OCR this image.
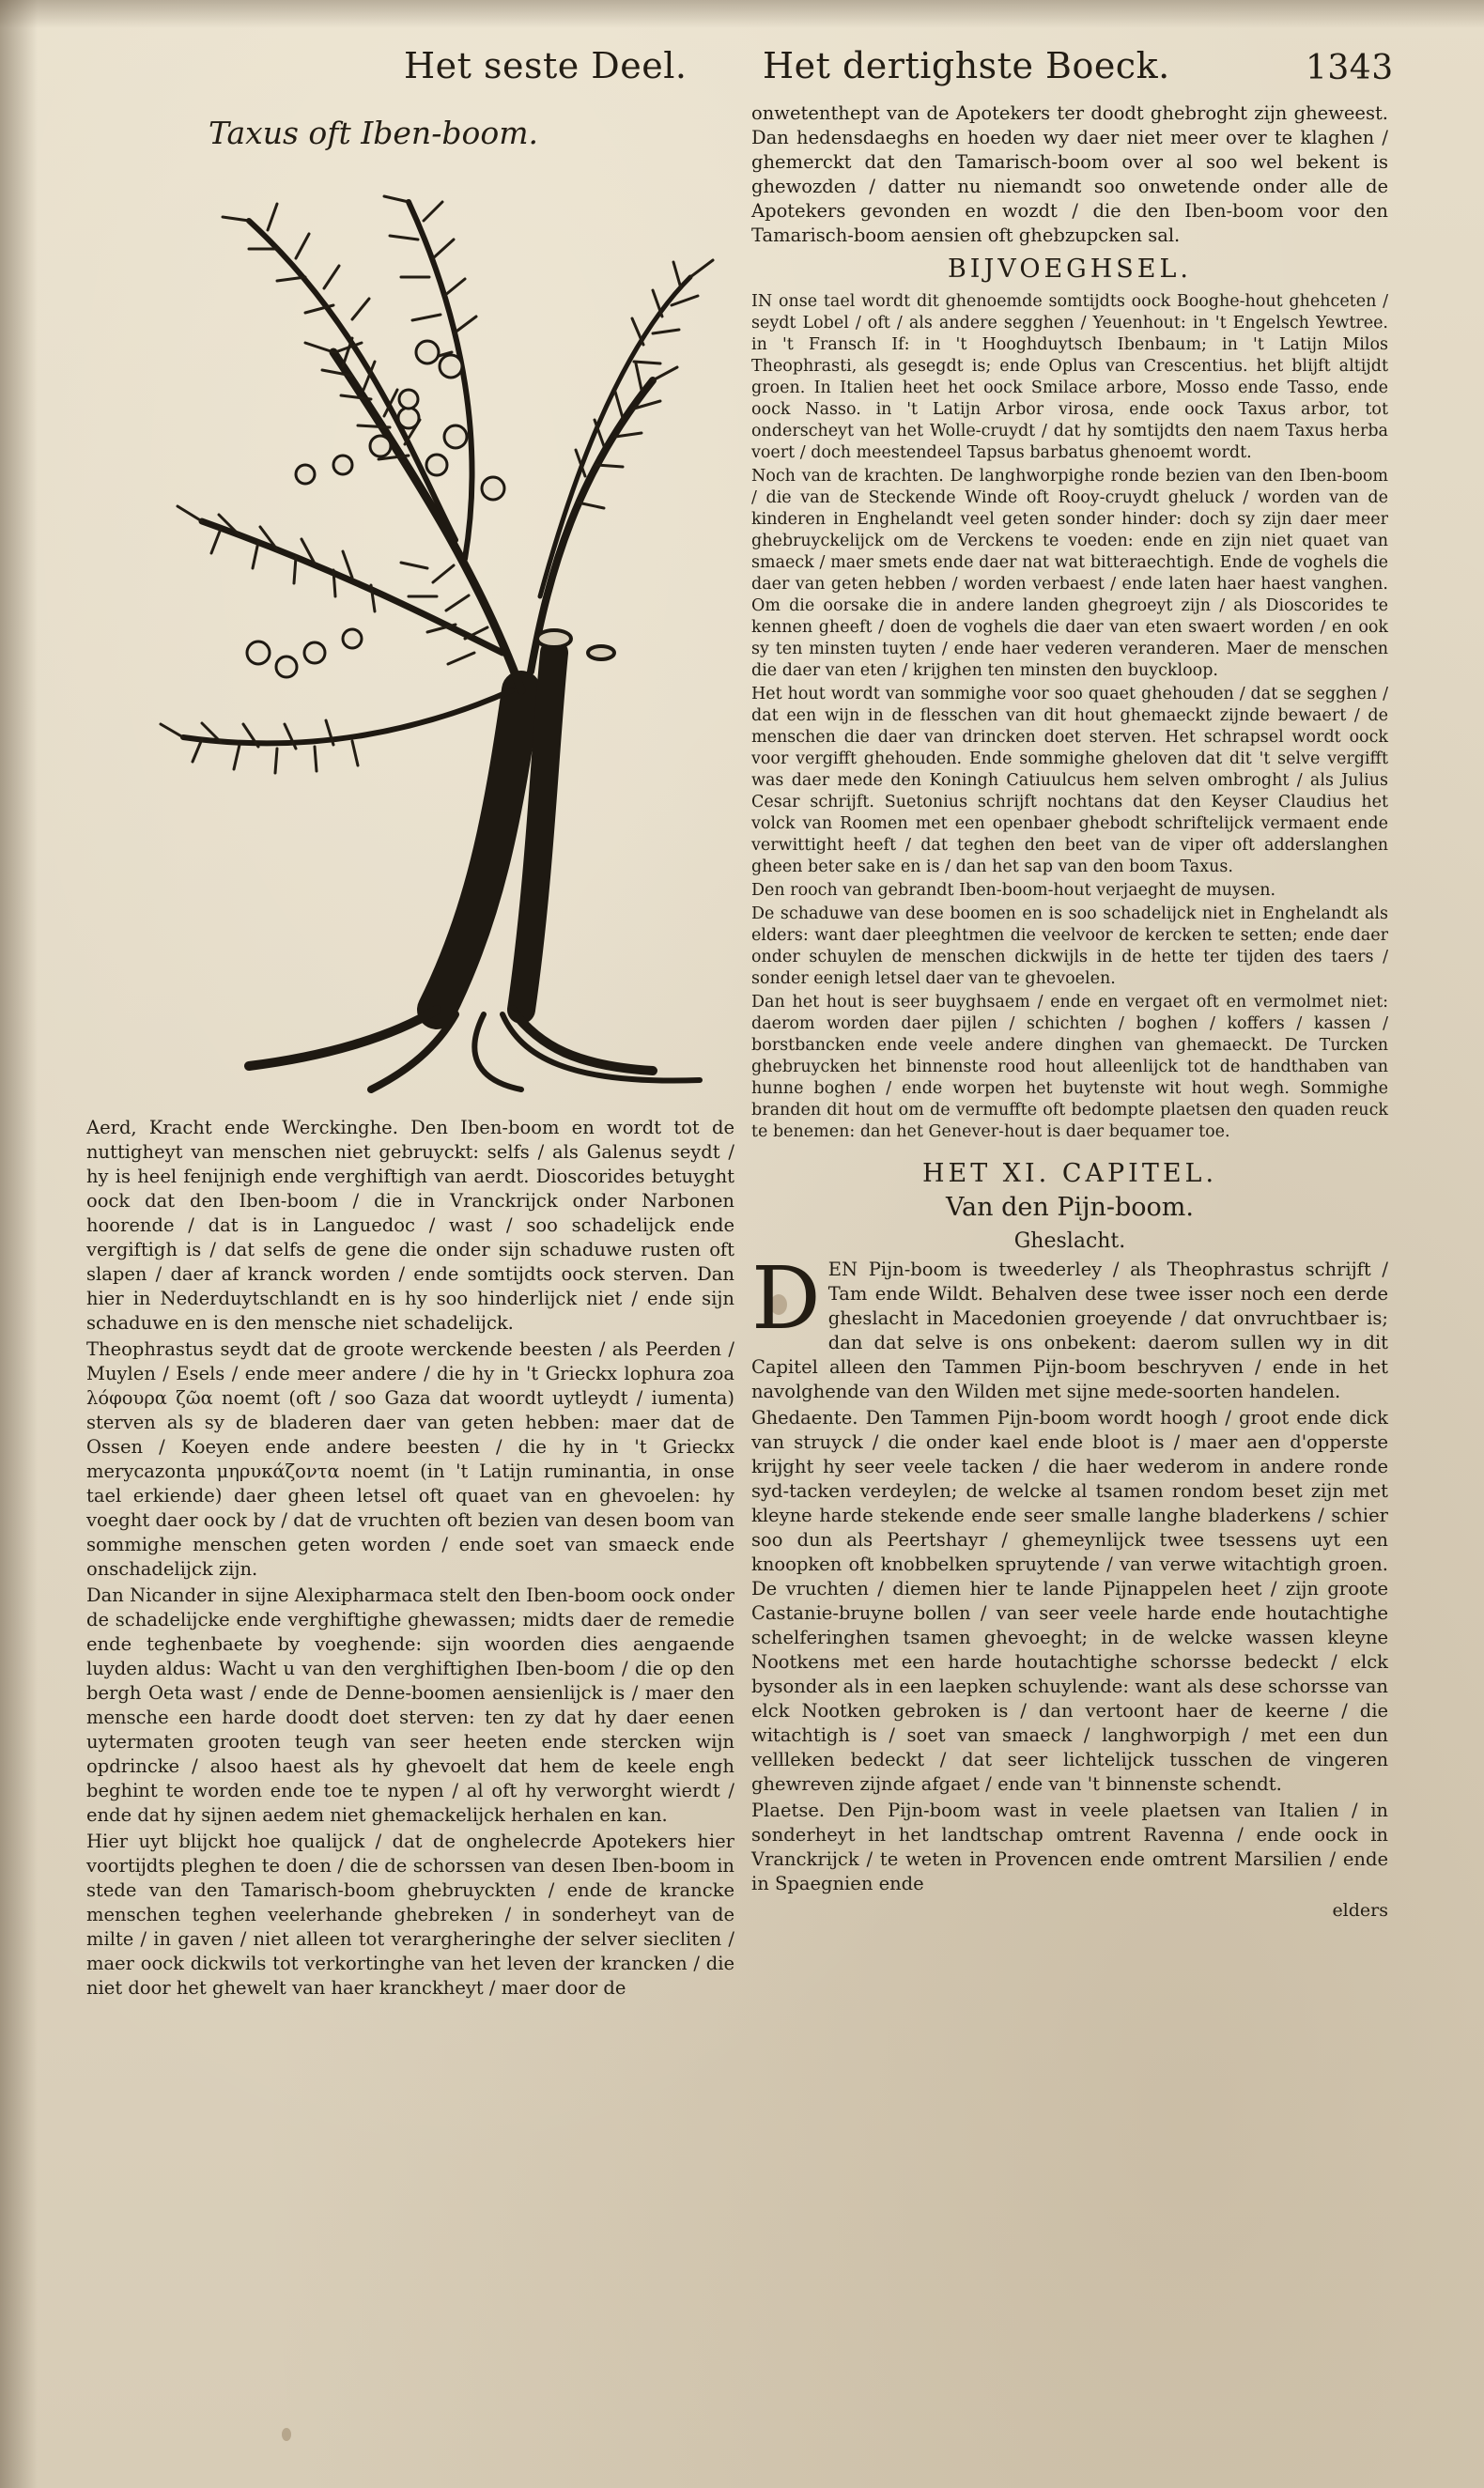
Het seste Deel. Het dertighste Boeck.	1343
Taxus oft Iben-boom.

onwetenthept van de Apotekers ter doodt ghebroght zijn gheweest. Dan hedensdaeghs en hoeden wy daer niet meer over te klaghen / ghemerckt dat den Tamarisch-boom over al soo wel bekent is ghewozden / datter nu niemandt soo onwetende onder alle de Apotekers gevonden en wozdt / die den Iben-boom voor den Tamarisch-boom aensien oft ghebzupcken sal.

BIJVOEGHSEL.

IN onse tael wordt dit ghenoemde somtijdts oock Booghe-hout ghehceten / seydt Lobel / oft / als andere segghen / Yeuenhout: in 't Engelsch Yewtree. in 't Fransch If: in 't Hooghduytsch Ibenbaum; in 't Latijn Milos Theophrasti, als gesegdt is; ende Oplus van Crescentius. het blijft altijdt groen. In Italien heet het oock Smilace arbore, Mosso ende Tasso, ende oock Nasso. in 't Latijn Arbor virosa, ende oock Taxus arbor, tot onderscheyt van het Wolle-cruydt / dat hy somtijdts den naem Taxus herba voert / doch meestendeel Tapsus barbatus ghenoemt wordt.

Noch van de krachten. De langhworpighe ronde bezien van den Iben-boom / die van de Steckende Winde oft Rooy-cruydt gheluck / worden van de kinderen in Enghelandt veel geten sonder hinder: doch sy zijn daer meer ghebruyckelijck om de Verckens te voeden: ende en zijn niet quaet van smaeck / maer smets ende daer nat wat bitteraechtigh. Ende de voghels die daer van geten hebben / worden verbaest / ende laten haer haest vanghen. Om die oorsake die in andere landen ghegroeyt zijn / als Dioscorides te kennen gheeft / doen de voghels die daer van eten swaert worden / en ook sy ten minsten tuyten / ende haer vederen veranderen. Maer de menschen die daer van eten / krijghen ten minsten den buyckloop.

Het hout wordt van sommighe voor soo quaet ghehouden / dat se segghen / dat een wijn in de flesschen van dit hout ghemaeckt zijnde bewaert / de menschen die daer van drincken doet sterven. Het schrapsel wordt oock voor vergifft ghehouden. Ende sommighe gheloven dat dit 't selve vergifft was daer mede den Koningh Catiuulcus hem selven ombroght / als Julius Cesar schrijft. Suetonius schrijft nochtans dat den Keyser Claudius het volck van Roomen met een openbaer ghebodt schriftelijck vermaent ende verwittight heeft / dat teghen den beet van de viper oft adderslanghen gheen beter sake en is / dan het sap van den boom Taxus.

Den rooch van gebrandt Iben-boom-hout verjaeght de muysen.

De schaduwe van dese boomen en is soo schadelijck niet in Enghelandt als elders: want daer pleeghtmen die veelvoor de kercken te setten; ende daer onder schuylen de menschen dickwijls in de hette ter tijden des taers / sonder eenigh letsel daer van te ghevoelen.

Dan het hout is seer buyghsaem / ende en vergaet oft en vermolmet niet: daerom worden daer pijlen / schichten / boghen / koffers / kassen / borstbancken ende veele andere dinghen van ghemaeckt. De Turcken ghebruycken het binnenste rood hout alleenlijck tot de handthaben van hunne boghen / ende worpen het buytenste wit hout wegh. Sommighe branden dit hout om de vermuffte oft bedompte plaetsen den quaden reuck te benemen: dan het Genever-hout is daer bequamer toe.

HET XI. CAPITEL.
Van den Pijn-boom.
Gheslacht.

DEN Pijn-boom is tweederley / als Theophrastus schrijft / Tam ende Wildt. Behalven dese twee isser noch een derde gheslacht in Macedonien groeyende / dat onvruchtbaer is; dan dat selve is ons onbekent: daerom sullen wy in dit Capitel alleen den Tammen Pijn-boom beschryven / ende in het navolghende van den Wilden met sijne mede-soorten handelen.

Ghedaente. Den Tammen Pijn-boom wordt hoogh / groot ende dick van struyck / die onder kael ende bloot is / maer aen d'opperste krijght hy seer veele tacken / die haer wederom in andere ronde syd-tacken verdeylen; de welcke al tsamen rondom beset zijn met kleyne harde stekende ende seer smalle langhe bladerkens / schier soo dun als Peertshayr / ghemeynlijck twee tsessens uyt een knoopken oft knobbelken spruytende / van verwe witachtigh groen. De vruchten / diemen hier te lande Pijnappelen heet / zijn groote Castanie-bruyne bollen / van seer veele harde ende houtachtighe schelferinghen tsamen ghevoeght; in de welcke wassen kleyne Nootkens met een harde houtachtighe schorsse bedeckt / elck bysonder als in een laepken schuylende: want als dese schorsse van elck Nootken gebroken is / dan vertoont haer de keerne / die witachtigh is / soet van smaeck / langhworpigh / met een dun vellleken bedeckt / dat seer lichtelijck tusschen de vingeren ghewreven zijnde afgaet / ende van 't binnenste schendt.

Plaetse. Den Pijn-boom wast in veele plaetsen van Italien / in sonderheyt in het landtschap omtrent Ravenna / ende oock in Vranckrijck / te weten in Provencen ende omtrent Marsilien / ende in Spaegnien ende

elders

Aerd, Kracht ende Werckinghe. Den Iben-boom en wordt tot de nuttigheyt van menschen niet gebruyckt: selfs / als Galenus seydt / hy is heel fenijnigh ende verghiftigh van aerdt. Dioscorides betuyght oock dat den Iben-boom / die in Vranckrijck onder Narbonen hoorende / dat is in Languedoc / wast / soo schadelijck ende vergiftigh is / dat selfs de gene die onder sijn schaduwe rusten oft slapen / daer af kranck worden / ende somtijdts oock sterven. Dan hier in Nederduytschlandt en is hy soo hinderlijck niet / ende sijn schaduwe en is den mensche niet schadelijck.

Theophrastus seydt dat de groote werckende beesten / als Peerden / Muylen / Esels / ende meer andere / die hy in 't Grieckx lophura zoa λόφουρα ζῶα noemt (oft / soo Gaza dat woordt uytleydt / iumenta) sterven als sy de bladeren daer van geten hebben: maer dat de Ossen / Koeyen ende andere beesten / die hy in 't Grieckx merycazonta μηρυκάζοντα noemt (in 't Latijn ruminantia, in onse tael erkiende) daer gheen letsel oft quaet van en ghevoelen: hy voeght daer oock by / dat de vruchten oft bezien van desen boom van sommighe menschen geten worden / ende soet van smaeck ende onschadelijck zijn.

Dan Nicander in sijne Alexipharmaca stelt den Iben-boom oock onder de schadelijcke ende verghiftighe ghewassen; midts daer de remedie ende teghenbaete by voeghende: sijn woorden dies aengaende luyden aldus: Wacht u van den verghiftighen Iben-boom / die op den bergh Oeta wast / ende de Denne-boomen aensienlijck is / maer den mensche een harde doodt doet sterven: ten zy dat hy daer eenen uytermaten grooten teugh van seer heeten ende stercken wijn opdrincke / alsoo haest als hy ghevoelt dat hem de keele engh beghint te worden ende toe te nypen / al oft hy verworght wierdt / ende dat hy sijnen aedem niet ghemackelijck herhalen en kan.

Hier uyt blijckt hoe qualijck / dat de onghelecrde Apotekers hier voortijdts pleghen te doen / die de schorssen van desen Iben-boom in stede van den Tamarisch-boom ghebruyckten / ende de krancke menschen teghen veelerhande ghebreken / in sonderheyt van de milte / in gaven / niet alleen tot verargheringhe der selver siecliten / maer oock dickwils tot verkortinghe van het leven der krancken / die niet door het ghewelt van haer kranckheyt / maer door de
